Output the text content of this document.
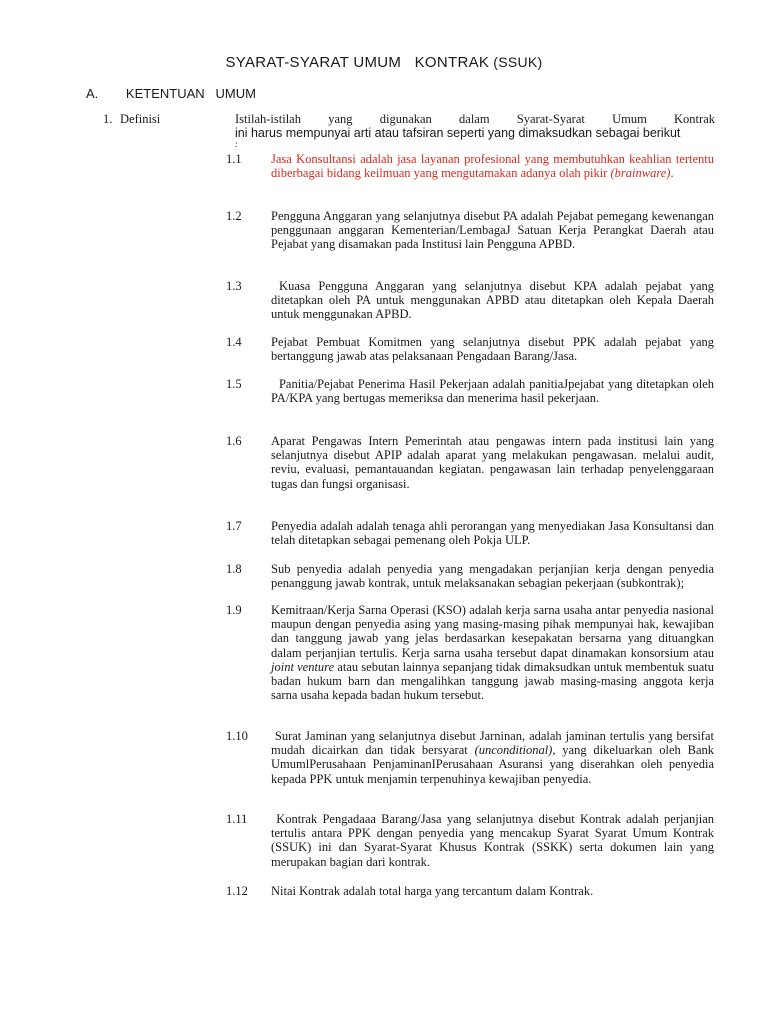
SYARAT-SYARAT UMUM   KONTRAK (SSUK)
A. KETENTUAN   UMUM
1. Definisi	Istilah-istilah yang digunakan dalam Syarat-Syarat Umum Kontrak
ini harus mempunyai arti atau tafsiran seperti yang dimaksudkan sebagai berikut
:
1.1 Jasa Konsultansi adalah jasa layanan profesional yang membutuhkan keahlian tertentu diberbagai bidang keilmuan yang mengutamakan adanya olah pikir (brainware).
1.2 Pengguna Anggaran yang selanjutnya disebut PA adalah Pejabat pemegang kewenangan penggunaan anggaran Kementerian/LembagaJ Satuan Kerja Perangkat Daerah atau Pejabat yang disamakan pada Institusi lain Pengguna APBD.
1.3 Kuasa Pengguna Anggaran yang selanjutnya disebut KPA adalah pejabat yang ditetapkan oleh PA untuk menggunakan APBD atau ditetapkan oleh Kepala Daerah untuk menggunakan APBD.
1.4 Pejabat Pembuat Komitmen yang selanjutnya disebut PPK adalah pejabat yang bertanggung jawab atas pelaksanaan Pengadaan Barang/Jasa.
1.5 Panitia/Pejabat Penerima Hasil Pekerjaan adalah panitiaJpejabat yang ditetapkan oleh PA/KPA yang bertugas memeriksa dan menerima hasil pekerjaan.
1.6 Aparat Pengawas Intern Pemerintah atau pengawas intern pada institusi lain yang selanjutnya disebut APIP adalah aparat yang melakukan pengawasan. melalui audit, reviu, evaluasi, pemantauandan kegiatan. pengawasan lain terhadap penyelenggaraan tugas dan fungsi organisasi.
1.7 Penyedia adalah adalah tenaga ahli perorangan yang menyediakan Jasa Konsultansi dan telah ditetapkan sebagai pemenang oleh Pokja ULP.
1.8 Sub penyedia adalah penyedia yang mengadakan perjanjian kerja dengan penyedia penanggung jawab kontrak, untuk melaksanakan sebagian pekerjaan (subkontrak);
1.9 Kemitraan/Kerja Sarna Operasi (KSO) adalah kerja sarna usaha antar penyedia nasional maupun dengan penyedia asing yang masing-masing pihak mempunyai hak, kewajiban dan tanggung jawab yang jelas berdasarkan kesepakatan bersarna yang dituangkan dalam perjanjian tertulis. Kerja sarna usaha tersebut dapat dinamakan konsorsium atau joint venture atau sebutan lainnya sepanjang tidak dimaksudkan untuk membentuk suatu badan hukum barn dan mengalihkan tanggung jawab masing-masing anggota kerja sarna usaha kepada badan hukum tersebut.
1.10 Surat Jaminan yang selanjutnya disebut Jarninan, adalah jaminan tertulis yang bersifat mudah dicairkan dan tidak bersyarat (unconditional), yang dikeluarkan oleh Bank UmumlPerusahaan PenjaminanIPerusahaan Asuransi yang diserahkan oleh penyedia kepada PPK untuk menjamin terpenuhinya kewajiban penyedia.
1.11 Kontrak Pengadaaa Barang/Jasa yang selanjutnya disebut Kontrak adalah perjanjian tertulis antara PPK dengan penyedia yang mencakup Syarat Syarat Umum Kontrak (SSUK) ini dan Syarat-Syarat Khusus Kontrak (SSKK) serta dokumen lain yang merupakan bagian dari kontrak.
1.12 Nitai Kontrak adalah total harga yang tercantum dalam Kontrak.
